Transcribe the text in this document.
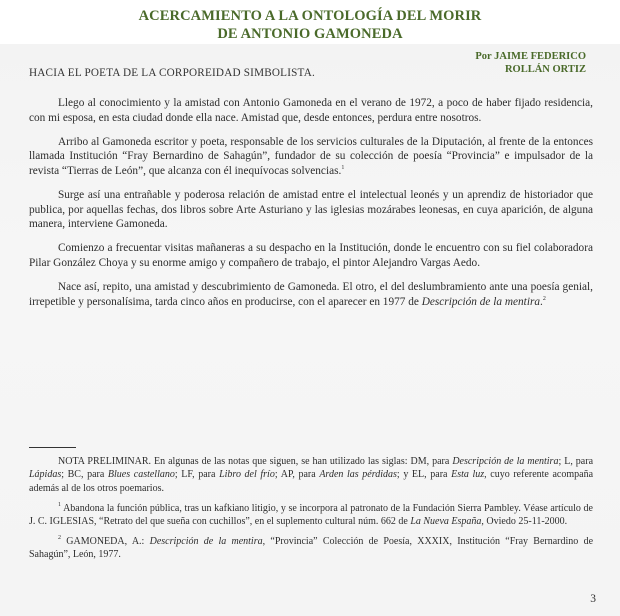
ACERCAMIENTO A LA ONTOLOGÍA DEL MORIR
DE ANTONIO GAMONEDA
Por JAIME FEDERICO
ROLLÁN ORTIZ
HACIA EL POETA DE LA CORPOREIDAD SIMBOLISTA.

Llego al conocimiento y la amistad con Antonio Gamoneda en el verano de 1972, a poco de haber fijado residencia, con mi esposa, en esta ciudad donde ella nace. Amistad que, desde entonces, perdura entre nosotros.

Arribo al Gamoneda escritor y poeta, responsable de los servicios culturales de la Diputación, al frente de la entonces llamada Institución “Fray Bernardino de Sahagún”, fundador de su colección de poesía “Provincia” e impulsador de la revista “Tierras de León”, que alcanza con él inequívocas solvencias.$^1$

Surge así una entrañable y poderosa relación de amistad entre el intelectual leonés y un aprendiz de historiador que publica, por aquellas fechas, dos libros sobre Arte Asturiano y las iglesias mozárabes leonesas, en cuya aparición, de alguna manera, interviene Gamoneda.

Comienzo a frecuentar visitas mañaneras a su despacho en la Institución, donde le encuentro con su fiel colaboradora Pilar González Choya y su enorme amigo y compañero de trabajo, el pintor Alejandro Vargas Aedo.

Nace así, repito, una amistad y descubrimiento de Gamoneda. El otro, el del deslumbramiento ante una poesía genial, irrepetible y personalísima, tarda cinco años en producirse, con el aparecer en 1977 de Descripción de la mentira.$^2$

NOTA PRELIMINAR. En algunas de las notas que siguen, se han utilizado las siglas: DM, para Descripción de la mentira; L, para Lápidas; BC, para Blues castellano; LF, para Libro del frío; AP, para Arden las pérdidas; y EL, para Esta luz, cuyo referente acompaña además al de los otros poemarios.

$^1$ Abandona la función pública, tras un kafkiano litigio, y se incorpora al patronato de la Fundación Sierra Pambley. Véase artículo de J. C. IGLESIAS, “Retrato del que sueña con cuchillos”, en el suplemento cultural núm. 662 de La Nueva España, Oviedo 25-11-2000.

$^2$ GAMONEDA, A.: Descripción de la mentira, “Provincia” Colección de Poesía, XXXIX, Institución “Fray Bernardino de Sahagún”, León, 1977.

3
